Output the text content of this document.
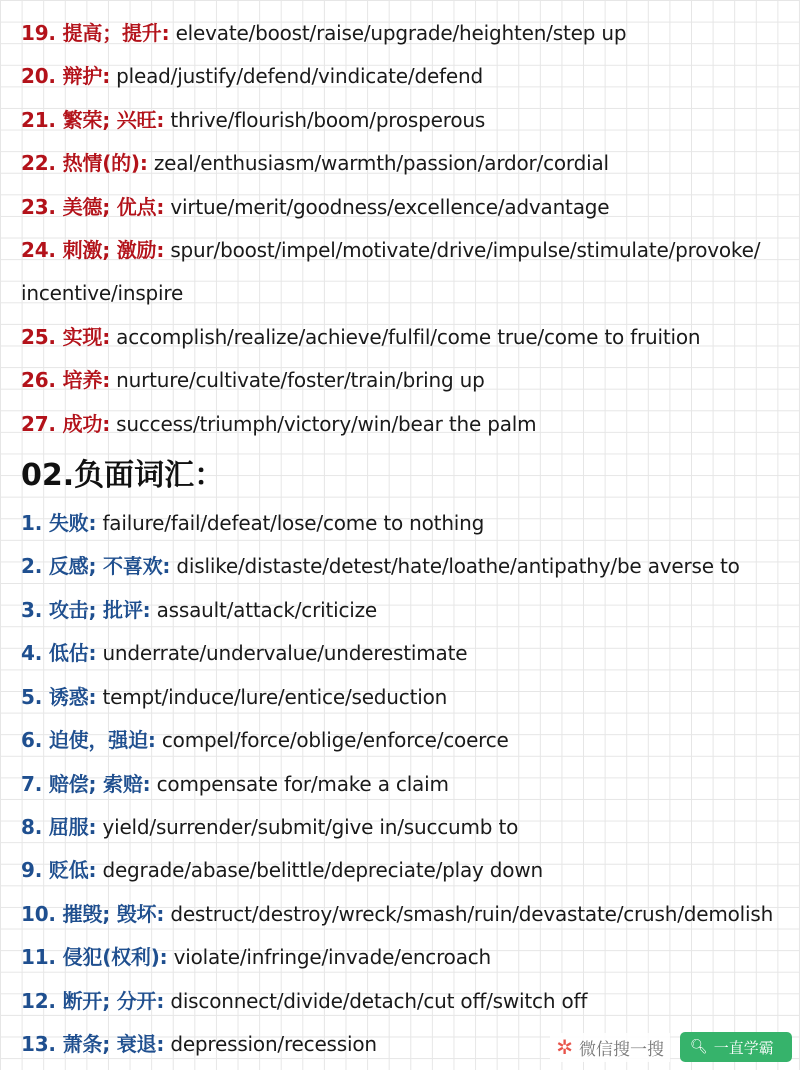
19. 提高；提升: elevate/boost/raise/upgrade/heighten/step up

20. 辩护: plead/justify/defend/vindicate/defend

21. 繁荣; 兴旺: thrive/flourish/boom/prosperous

22. 热情(的): zeal/enthusiasm/warmth/passion/ardor/cordial

23. 美德; 优点: virtue/merit/goodness/excellence/advantage

24. 刺激; 激励: spur/boost/impel/motivate/drive/impulse/stimulate/provoke/ incentive/inspire

25. 实现: accomplish/realize/achieve/fulfil/come true/come to fruition

26. 培养: nurture/cultivate/foster/train/bring up

27. 成功: success/triumph/victory/win/bear the palm

02.负面词汇：

1. 失败: failure/fail/defeat/lose/come to nothing

2. 反感; 不喜欢: dislike/distaste/detest/hate/loathe/antipathy/be averse to

3. 攻击; 批评: assault/attack/criticize

4. 低估: underrate/undervalue/underestimate

5. 诱惑: tempt/induce/lure/entice/seduction

6. 迫使，强迫: compel/force/oblige/enforce/coerce

7. 赔偿; 索赔: compensate for/make a claim

8. 屈服: yield/surrender/submit/give in/succumb to

9. 贬低: degrade/abase/belittle/depreciate/play down

10. 摧毁; 毁坏: destruct/destroy/wreck/smash/ruin/devastate/crush/demolish

11. 侵犯(权利): violate/infringe/invade/encroach

12. 断开; 分开: disconnect/divide/detach/cut off/switch off

13. 萧条; 衰退: depression/recession	✲ 微信搜一搜 🔍︎ 一直学霸
